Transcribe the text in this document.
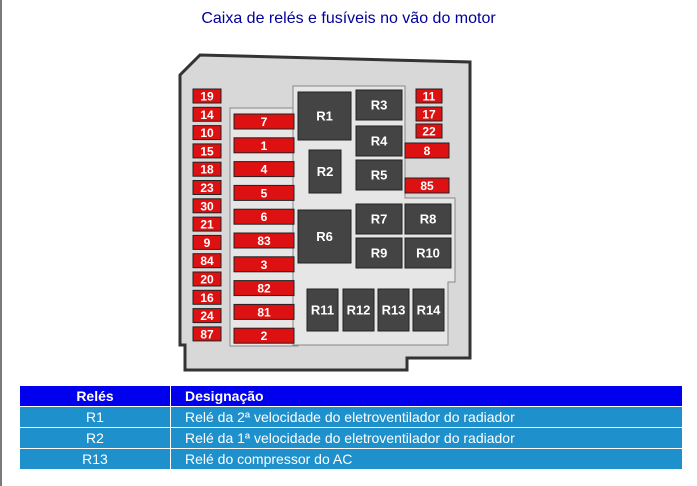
Caixa de relés e fusíveis no vão do motor
19
14
10
15
18
23
30
21
9
84
20
16
24
87
7
1
4
5
6
83
3
82
81
2
11
17
22
8
85
R1
R2
R3
R4
R5
R6
R7 R8
R9 R10
R11 R12 R13 R14
Relés	Designação
R1	Relé da 2ª velocidade do eletroventilador do radiador
R2	Relé da 1ª velocidade do eletroventilador do radiador
R13	Relé do compressor do AC
